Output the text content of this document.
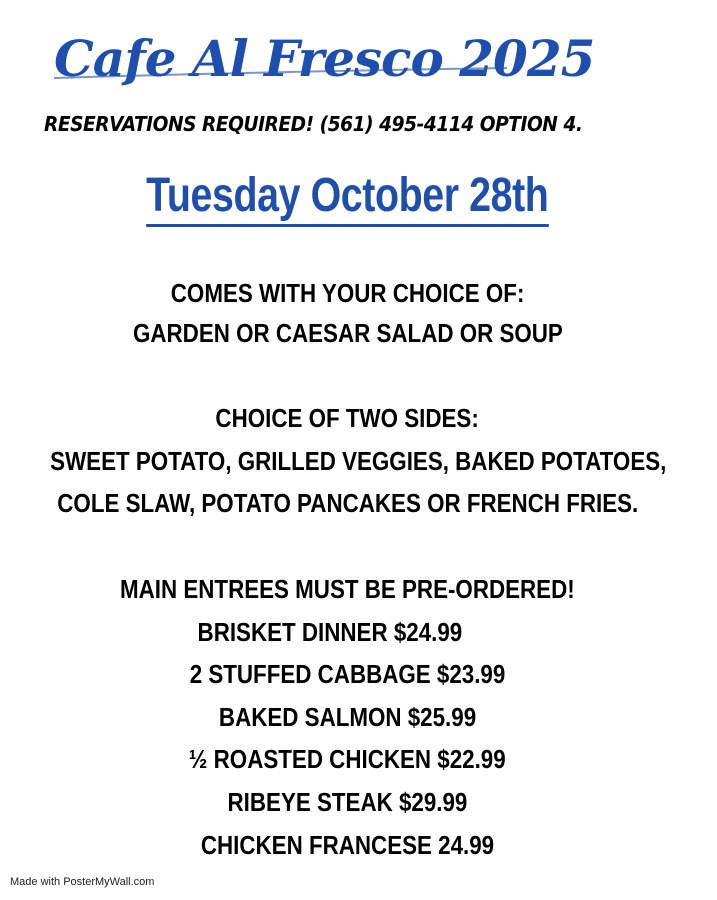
Cafe Al Fresco 2025
RESERVATIONS REQUIRED! (561) 495-4114 OPTION 4.
Tuesday October 28th
COMES WITH YOUR CHOICE OF:
GARDEN OR CAESAR SALAD OR SOUP
CHOICE OF TWO SIDES:
SWEET POTATO, GRILLED VEGGIES, BAKED POTATOES,
COLE SLAW, POTATO PANCAKES OR FRENCH FRIES.
MAIN ENTREES MUST BE PRE-ORDERED!
BRISKET DINNER $24.99
2 STUFFED CABBAGE $23.99
BAKED SALMON $25.99
½ ROASTED CHICKEN $22.99
RIBEYE STEAK $29.99
CHICKEN FRANCESE 24.99
Made with PosterMyWall.com
